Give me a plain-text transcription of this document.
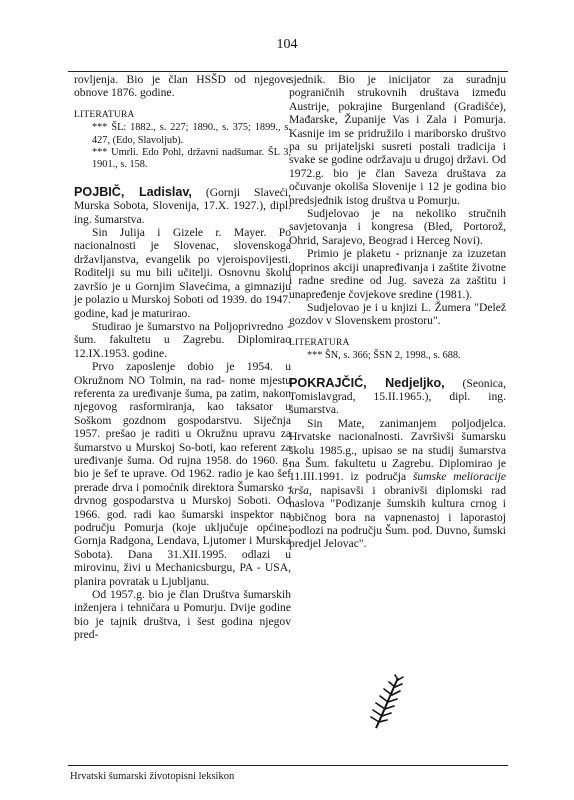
104

rovljenja. Bio je član HSŠD od njegove obnove 1876. godine.

LITERATURA

*** ŠL: 1882., s. 227; 1890., s. 375; 1899., s. 427, (Edo, Slavoljub).

*** Umrli. Edo Pohl, državni nadšumar. ŠL 3, 1901., s. 158.

POJBIČ, Ladislav, (Gornji Slaveći, Murska Sobota, Slovenija, 17.X. 1927.), dipl. ing. šumarstva.

Sin Julija i Gizele r. Mayer. Po nacionalnosti je Slovenac, slovenskoga državljanstva, evangelik po vjeroispovijesti. Roditelji su mu bili učitelji. Osnovnu školu završio je u Gornjim Slavećima, a gimnaziju je polazio u Murskoj Soboti od 1939. do 1947. godine, kad je maturirao.

Studirao je šumarstvo na Poljoprivredno - šum. fakultetu u Zagrebu. Diplomirao 12.IX.1953. godine.

Prvo zaposlenje dobio je 1954. u Okružnom NO Tolmin, na rad- nome mjestu referenta za uređivanje šuma, pa zatim, nakon njegovog rasformiranja, kao taksator u Soškom gozdnom gospodarstvu. Siječnja 1957. prešao je raditi u Okružnu upravu za šumarstvo u Murskoj So-boti, kao referent za uređivanje šuma. Od rujna 1958. do 1960. g. bio je šef te uprave. Od 1962. radio je kao šef prerade drva i pomoćnik direktora Šumarsko - drvnog gospodarstva u Murskoj Soboti. Od 1966. god. radi kao šumarski inspektor na području Pomurja (koje uključuje općine: Gornja Radgona, Lendava, Ljutomer i Murska Sobota). Dana 31.XII.1995. odlazi u mirovinu, živi u Mechanicsburgu, PA - USA, planira povratak u Ljubljanu.

Od 1957.g. bio je član Društva šumarskih inženjera i tehničara u Pomurju. Dvije godine bio je tajnik društva, i šest godina njegov pred-

sjednik. Bio je inicijator za suradnju pograničnih strukovnih društava između Austrije, pokrajine Burgenland (Gradišće), Mađarske, Županije Vas i Zala i Pomurja. Kasnije im se pridružilo i mariborsko društvo pa su prijateljski susreti postali tradicija i svake se godine održavaju u drugoj državi. Od 1972.g. bio je član Saveza društava za očuvanje okoliša Slovenije i 12 je godina bio predsjednik istog društva u Pomurju.

Sudjelovao je na nekoliko stručnih savjetovanja i kongresa (Bled, Portorož, Ohrid, Sarajevo, Beograd i Herceg Novi).

Primio je plaketu - priznanje za izuzetan doprinos akciji unapređivanja i zaštite životne i radne sredine od Jug. saveza za zaštitu i unapređenje čovjekove sredine (1981.).

Sudjelovao je i u knjizi L. Žumera "Delež gozdov v Slovenskem prostoru".

LITERATURA

*** ŠN, s. 366; ŠSN 2, 1998., s. 688.

POKRAJČIĆ, Nedjeljko, (Seonica, Tomislavgrad, 15.II.1965.), dipl. ing. šumarstva.

Sin Mate, zanimanjem poljodjelca. Hrvatske nacionalnosti. Završivši šumarsku školu 1985.g., upisao se na studij šumarstva na Šum. fakultetu u Zagrebu. Diplomirao je 11.III.1991. iz područja šumske melioracije krša, napisavši i obranivši diplomski rad naslova "Podizanje šumskih kultura crnog i običnog bora na vapnenastoj i laporastoj podlozi na području Šum. pod. Duvno, šumski predjel Jelovac".

Hrvatski šumarski životopisni leksikon
